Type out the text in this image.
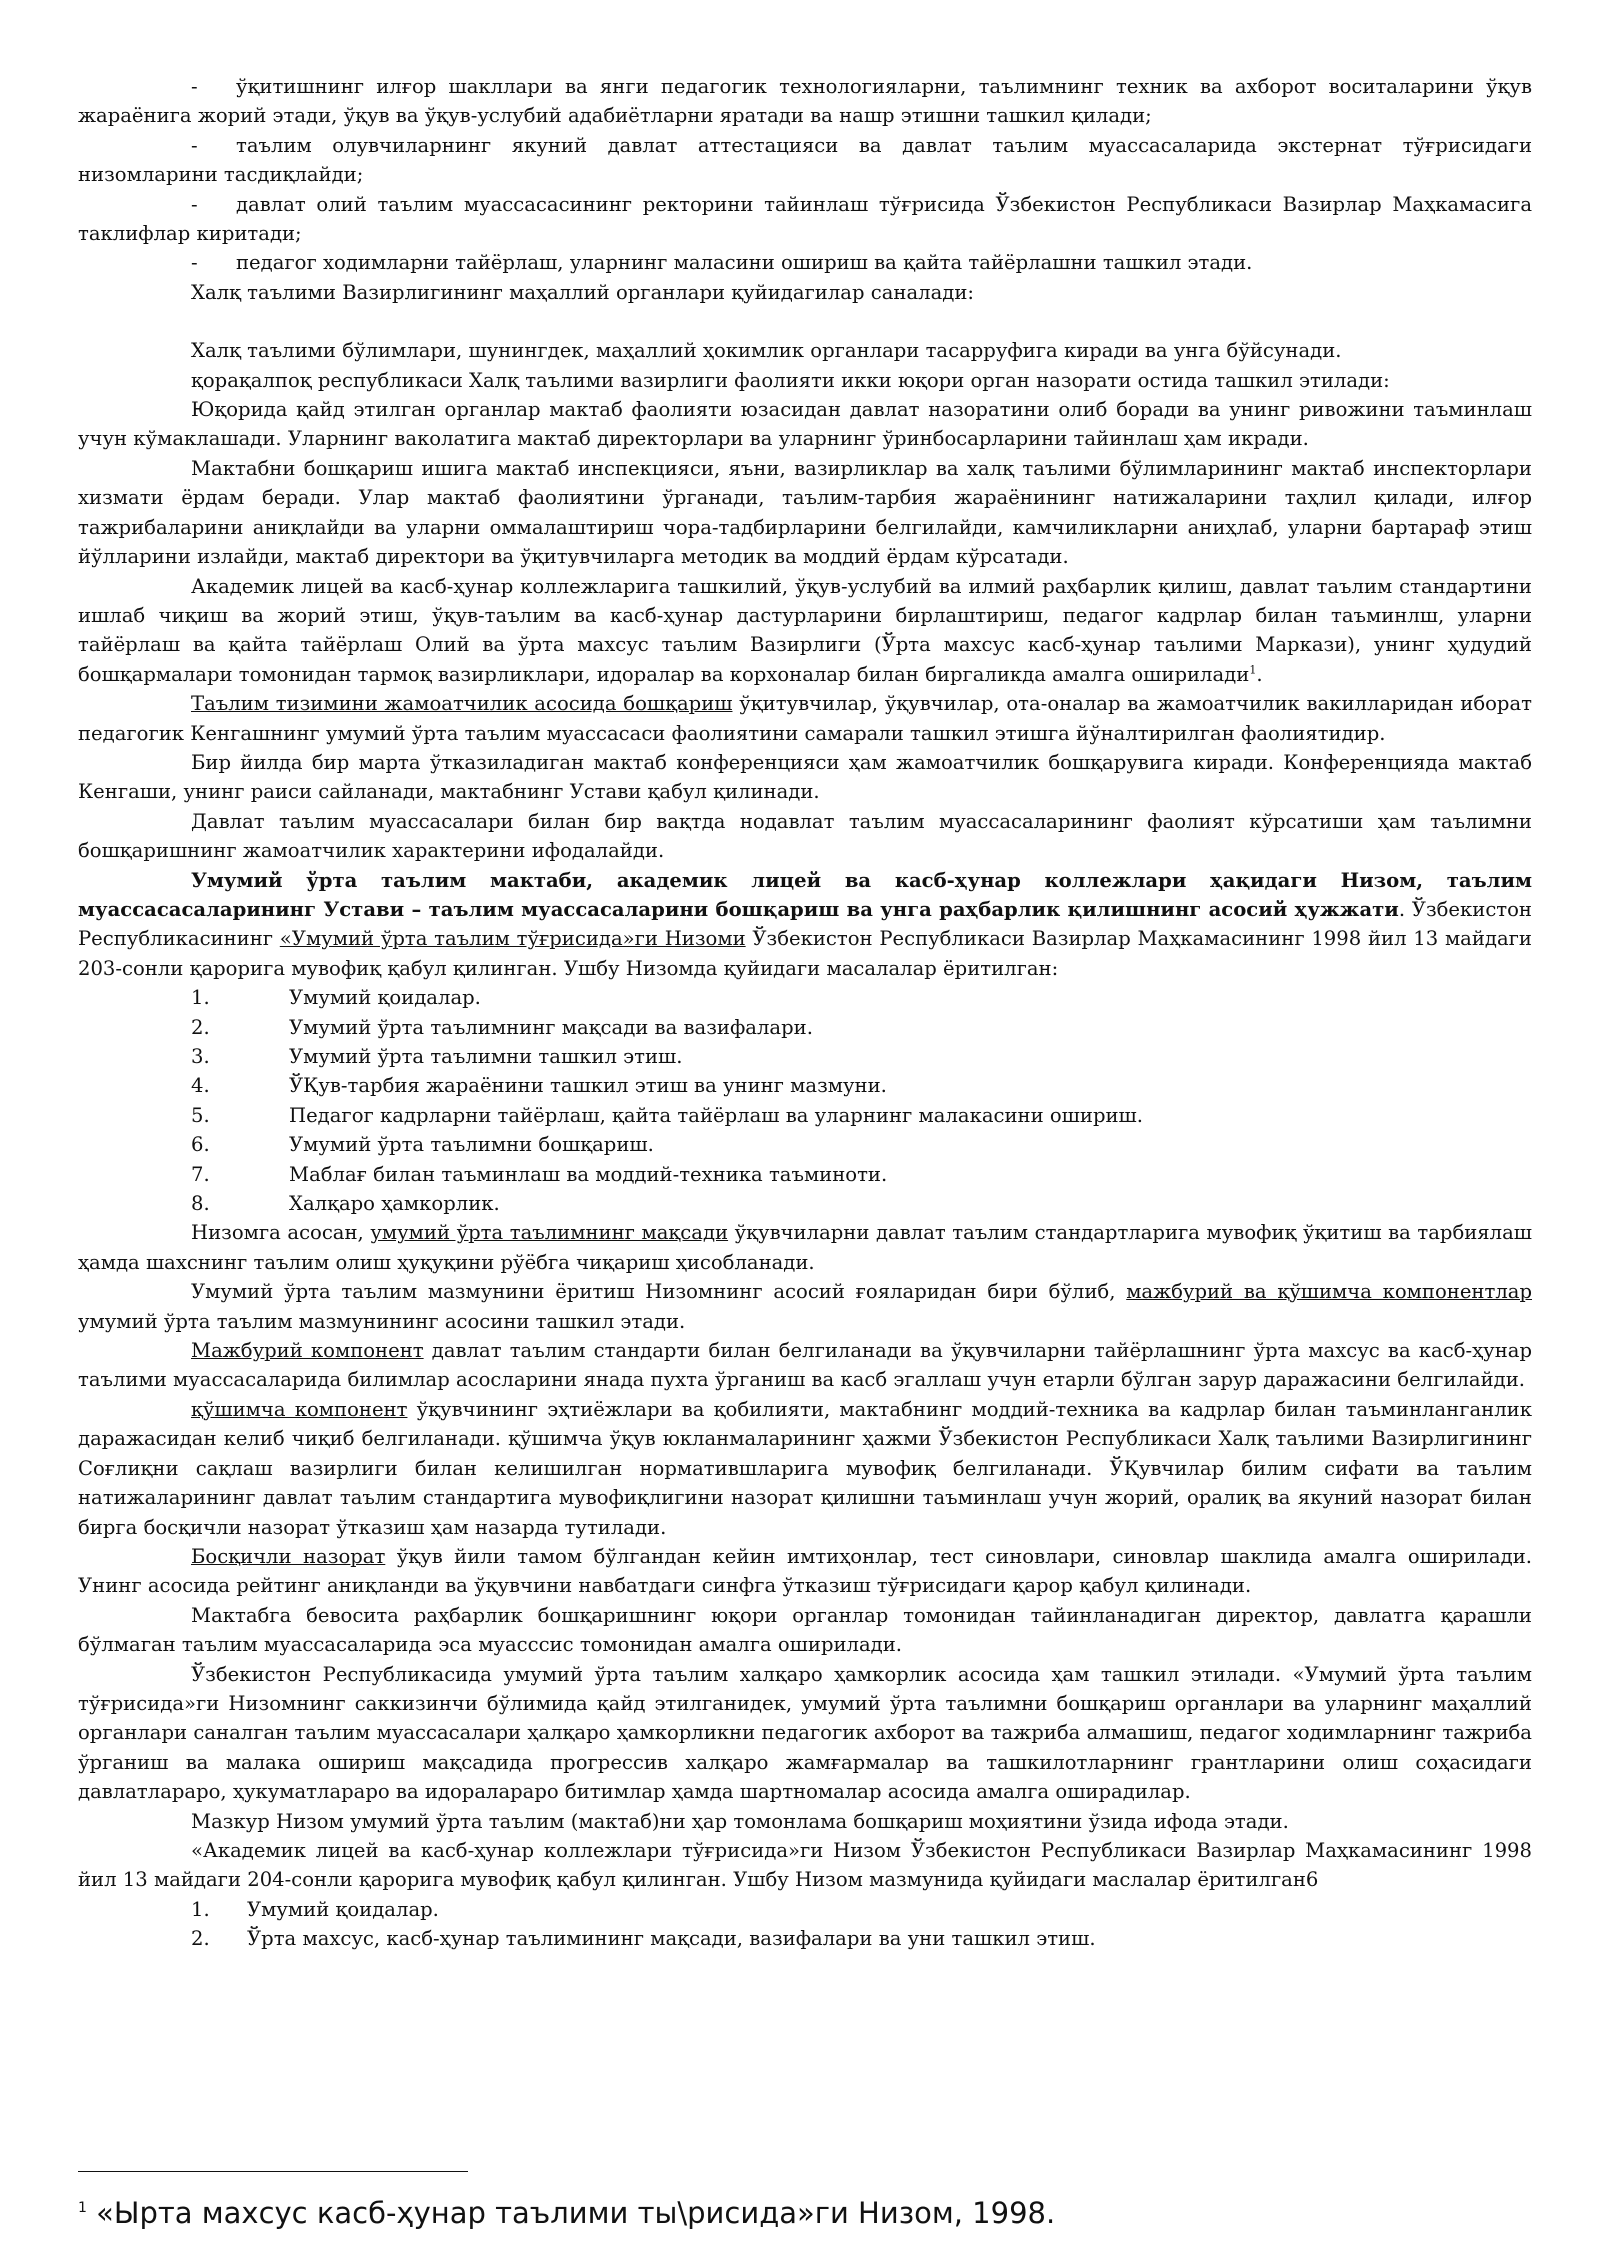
- ўқитишнинг илғор шакллари ва янги педагогик технологияларни, таълимнинг техник ва ахборот воситаларини ўқув жараёнига жорий этади, ўқув ва ўқув-услубий адабиётларни яратади ва нашр этишни ташкил қилади;

- таълим олувчиларнинг якуний давлат аттестацияси ва давлат таълим муассасаларида экстернат тўғрисидаги низомларини тасдиқлайди;

- давлат олий таълим муассасасининг ректорини тайинлаш тўғрисида Ўзбекистон Республикаси Вазирлар Маҳкамасига таклифлар киритади;

- педагог ходимларни тайёрлаш, уларнинг маласини ошириш ва қайта тайёрлашни ташкил этади.

Халқ таълими Вазирлигининг маҳаллий органлари қуйидагилар саналади:

Халқ таълими бўлимлари, шунингдек, маҳаллий ҳокимлик органлари тасарруфига киради ва унга бўйсунади.

қорақалпоқ республикаси Халқ таълими вазирлиги фаолияти икки юқори орган назорати остида ташкил этилади:

Юқорида қайд этилган органлар мактаб фаолияти юзасидан давлат назоратини олиб боради ва унинг ривожини таъминлаш учун кўмаклашади. Уларнинг ваколатига мактаб директорлари ва уларнинг ўринбосарларини тайинлаш ҳам икради.

Мактабни бошқариш ишига мактаб инспекцияси, яъни, вазирликлар ва халқ таълими бўлимларининг мактаб инспекторлари хизмати ёрдам беради. Улар мактаб фаолиятини ўрганади, таълим-тарбия жараёнининг натижаларини таҳлил қилади, илғор тажрибаларини аниқлайди ва уларни оммалаштириш чора-тадбирларини белгилайди, камчиликларни аниҳлаб, уларни бартараф этиш йўлларини излайди, мактаб директори ва ўқитувчиларга методик ва моддий ёрдам кўрсатади.

Академик лицей ва касб-ҳунар коллежларига ташкилий, ўқув-услубий ва илмий раҳбарлик қилиш, давлат таълим стандартини ишлаб чиқиш ва жорий этиш, ўқув-таълим ва касб-ҳунар дастурларини бирлаштириш, педагог кадрлар билан таъминлш, уларни тайёрлаш ва қайта тайёрлаш Олий ва ўрта махсус таълим Вазирлиги (Ўрта махсус касб-ҳунар таълими Маркази), унинг ҳудудий бошқармалари томонидан тармоқ вазирликлари, идоралар ва корхоналар билан биргаликда амалга оширилади$^1$.

Таълим тизимини жамоатчилик асосида бошқариш ўқитувчилар, ўқувчилар, ота-оналар ва жамоатчилик вакилларидан иборат педагогик Кенгашнинг умумий ўрта таълим муассасаси фаолиятини самарали ташкил этишга йўналтирилган фаолиятидир.

Бир йилда бир марта ўтказиладиган мактаб конференцияси ҳам жамоатчилик бошқарувига киради. Конференцияда мактаб Кенгаши, унинг раиси сайланади, мактабнинг Устави қабул қилинади.

Давлат таълим муассасалари билан бир вақтда нодавлат таълим муассасаларининг фаолият кўрсатиши ҳам таълимни бошқаришнинг жамоатчилик характерини ифодалайди.

Умумий ўрта таълим мактаби, академик лицей ва касб-ҳунар коллежлари ҳақидаги Низом, таълим муассасасаларининг Устави – таълим муассасаларини бошқариш ва унга раҳбарлик қилишнинг асосий ҳужжати. Ўзбекистон Республикасининг «Умумий ўрта таълим тўғрисида»ги Низоми Ўзбекистон Республикаси Вазирлар Маҳкамасининг 1998 йил 13 майдаги 203-сонли қарорига мувофиқ қабул қилинган. Ушбу Низомда қуйидаги масалалар ёритилган:

1.	Умумий қоидалар.

2.	Умумий ўрта таълимнинг мақсади ва вазифалари.

3.	Умумий ўрта таълимни ташкил этиш.

4.	ЎҚув-тарбия жараёнини ташкил этиш ва унинг мазмуни.

5.	Педагог кадрларни тайёрлаш, қайта тайёрлаш ва уларнинг малакасини ошириш.

6.	Умумий ўрта таълимни бошқариш.

7.	Маблағ билан таъминлаш ва моддий-техника таъминоти.

8.	Халқаро ҳамкорлик.

Низомга асосан, умумий ўрта таълимнинг мақсади ўқувчиларни давлат таълим стандартларига мувофиқ ўқитиш ва тарбиялаш ҳамда шахснинг таълим олиш ҳуқуқини рўёбга чиқариш ҳисобланади.

Умумий ўрта таълим мазмунини ёритиш Низомнинг асосий ғояларидан бири бўлиб, мажбурий ва қўшимча компонентлар умумий ўрта таълим мазмунининг асосини ташкил этади.

Мажбурий компонент давлат таълим стандарти билан белгиланади ва ўқувчиларни тайёрлашнинг ўрта махсус ва касб-ҳунар таълими муассасаларида билимлар асосларини янада пухта ўрганиш ва касб эгаллаш учун етарли бўлган зарур даражасини белгилайди.

қўшимча компонент ўқувчининг эҳтиёжлари ва қобилияти, мактабнинг моддий-техника ва кадрлар билан таъминланганлик даражасидан келиб чиқиб белгиланади. қўшимча ўқув юкланмаларининг ҳажми Ўзбекистон Республикаси Халқ таълими Вазирлигининг Соғлиқни сақлаш вазирлиги билан келишилган норматившларига мувофиқ белгиланади. ЎҚувчилар билим сифати ва таълим натижаларининг давлат таълим стандартига мувофиқлигини назорат қилишни таъминлаш учун жорий, оралиқ ва якуний назорат билан бирга босқичли назорат ўтказиш ҳам назарда тутилади.

Босқичли назорат ўқув йили тамом бўлгандан кейин имтиҳонлар, тест синовлари, синовлар шаклида амалга оширилади. Унинг асосида рейтинг аниқланди ва ўқувчини навбатдаги синфга ўтказиш тўғрисидаги қарор қабул қилинади.

Мактабга бевосита раҳбарлик бошқаришнинг юқори органлар томонидан тайинланадиган директор, давлатга қарашли бўлмаган таълим муассасаларида эса муасссис томонидан амалга оширилади.

Ўзбекистон Республикасида умумий ўрта таълим халқаро ҳамкорлик асосида ҳам ташкил этилади. «Умумий ўрта таълим тўғрисида»ги Низомнинг саккизинчи бўлимида қайд этилганидек, умумий ўрта таълимни бошқариш органлари ва уларнинг маҳаллий органлари саналган таълим муассасалари ҳалқаро ҳамкорликни педагогик ахборот ва тажриба алмашиш, педагог ходимларнинг тажриба ўрганиш ва малака ошириш мақсадида прогрессив халқаро жамғармалар ва ташкилотларнинг грантларини олиш соҳасидаги давлатлараро, ҳукуматлараро ва идоралараро битимлар ҳамда шартномалар асосида амалга оширадилар.

Мазкур Низом умумий ўрта таълим (мактаб)ни ҳар томонлама бошқариш моҳиятини ўзида ифода этади.

«Академик лицей ва касб-ҳунар коллежлари тўғрисида»ги Низом Ўзбекистон Республикаси Вазирлар Маҳкамасининг 1998 йил 13 майдаги 204-сонли қарорига мувофиқ қабул қилинган. Ушбу Низом мазмунида қуйидаги маслалар ёритилган6

1. Умумий қоидалар.

2. Ўрта махсус, касб-ҳунар таълимининг мақсади, вазифалари ва уни ташкил этиш.

$^1$ «Ырта махсус касб-ҳунар таълими ты\рисида»ги Низом, 1998.
